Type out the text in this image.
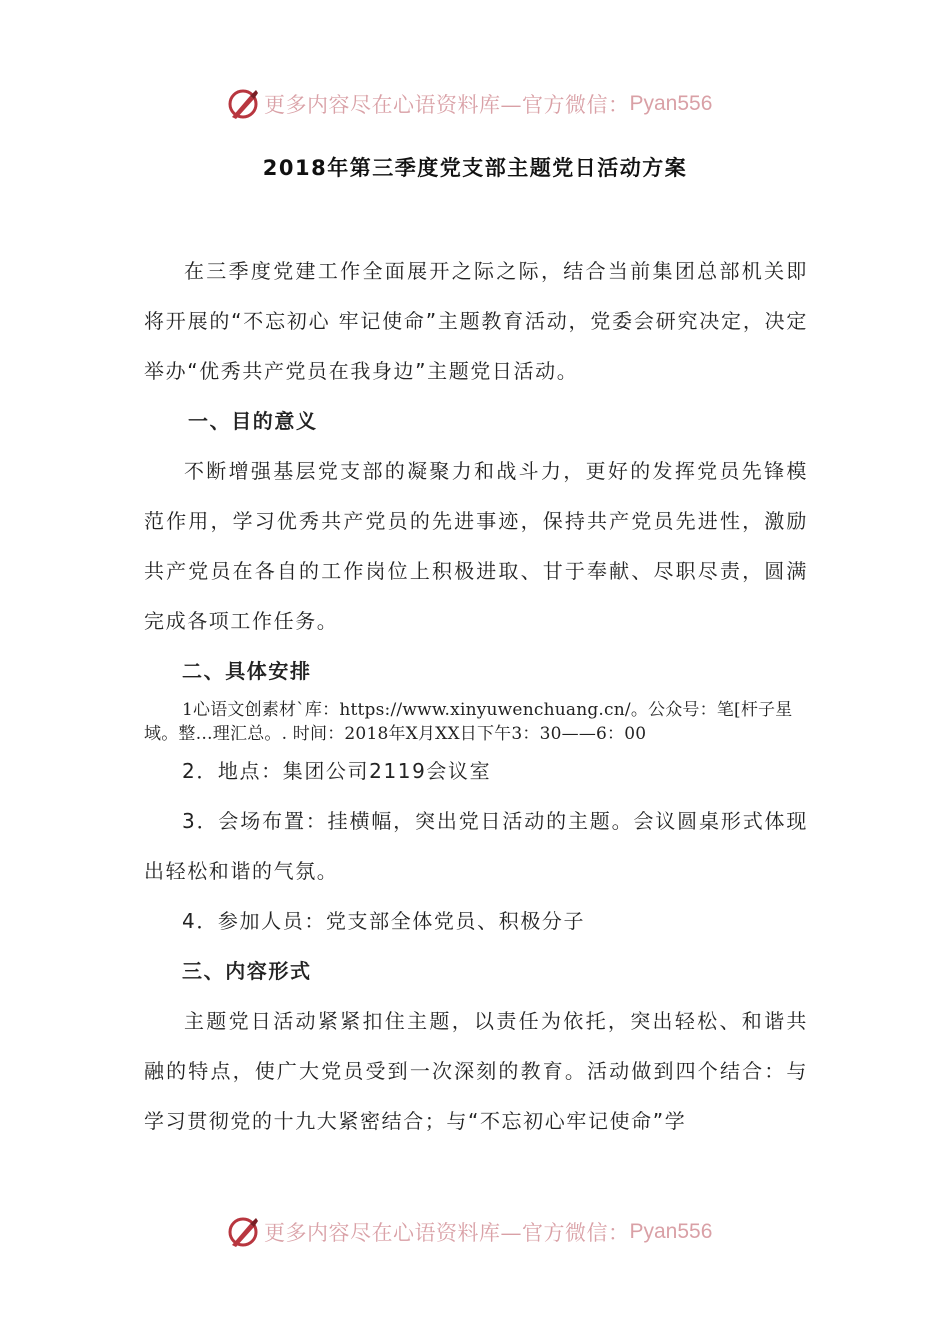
更多内容尽在心语资料库—官方微信： Pyan556
2018年第三季度党支部主题党日活动方案

在三季度党建工作全面展开之际之际，结合当前集团总部机关即将开展的“不忘初心 牢记使命”主题教育活动，党委会研究决定，决定举办“优秀共产党员在我身边”主题党日活动。

一、目的意义

不断增强基层党支部的凝聚力和战斗力，更好的发挥党员先锋模范作用，学习优秀共产党员的先进事迹，保持共产党员先进性，激励共产党员在各自的工作岗位上积极进取、甘于奉献、尽职尽责，圆满完成各项工作任务。

二、具体安排

1心语文创素材`库：https://www.xinyuwenchuang.cn/。公众号：笔[杆子星域。整…理汇总。. 时间：2018年X月XX日下午3：30——6：00

2．地点：集团公司2119会议室

3．会场布置：挂横幅，突出党日活动的主题。会议圆桌形式体现出轻松和谐的气氛。

4．参加人员：党支部全体党员、积极分子

三、内容形式

主题党日活动紧紧扣住主题，以责任为依托，突出轻松、和谐共融的特点，使广大党员受到一次深刻的教育。活动做到四个结合：与学习贯彻党的十九大紧密结合；与“不忘初心牢记使命”学

更多内容尽在心语资料库—官方微信： Pyan556
